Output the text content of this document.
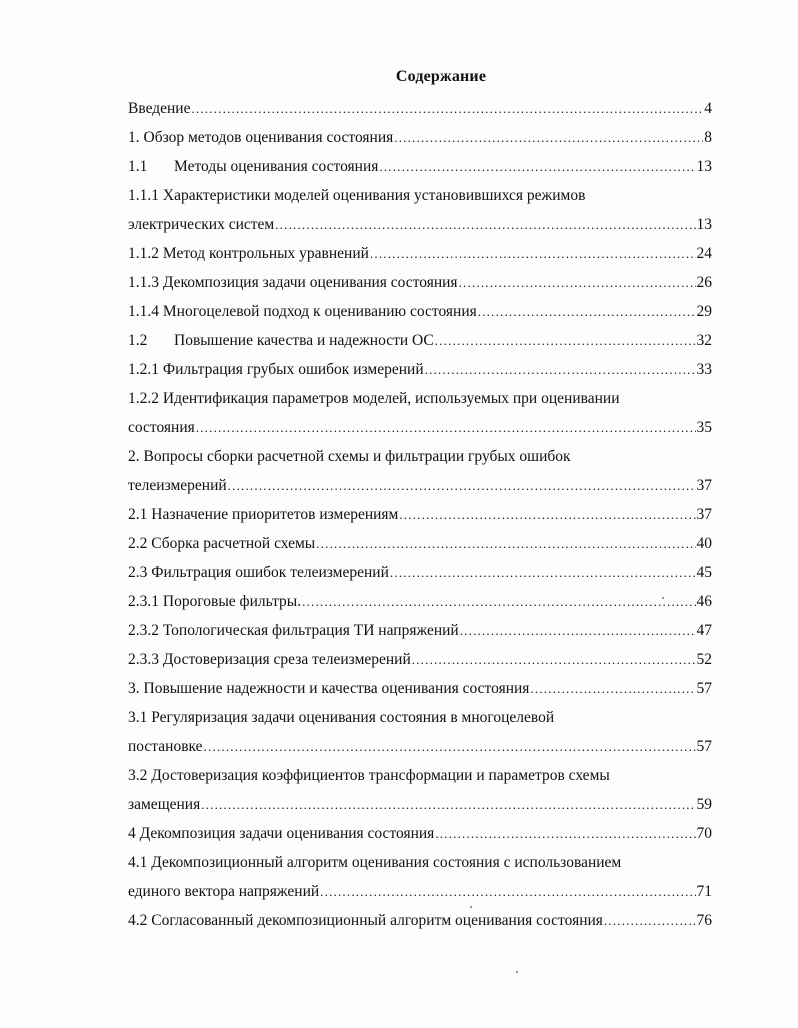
Содержание
Введение .....	4
1. Обзор методов оценивания состояния .....	8
1.1	Методы оценивания состояния .....	13
1.1.1 Характеристики моделей оценивания установившихся режимов
электрических систем .....	13
1.1.2 Метод контрольных уравнений .....	24
1.1.3 Декомпозиция задачи оценивания состояния .....	26
1.1.4 Многоцелевой подход к оцениванию состояния .....	29
1.2	Повышение качества и надежности ОС .....	32
1.2.1 Фильтрация грубых ошибок измерений .....	33
1.2.2 Идентификация параметров моделей, используемых при оценивании
состояния .....	35
2. Вопросы сборки расчетной схемы и фильтрации грубых ошибок
телеизмерений .....	37
2.1 Назначение приоритетов измерениям .....	37
2.2 Сборка расчетной схемы .....	40
2.3 Фильтрация ошибок телеизмерений .....	45
2.3.1 Пороговые фильтры. .....	46
2.3.2 Топологическая фильтрация ТИ напряжений .....	47
2.3.3 Достоверизация среза телеизмерений .....	52
3. Повышение надежности и качества оценивания состояния .....	57
3.1 Регуляризация задачи оценивания состояния в многоцелевой
постановке .....	57
3.2 Достоверизация коэффициентов трансформации и параметров схемы
замещения .....	59
4 Декомпозиция задачи оценивания состояния .....	70
4.1 Декомпозиционный алгоритм оценивания состояния с использованием
единого вектора напряжений .....	71
4.2 Согласованный декомпозиционный алгоритм оценивания состояния .....	76
